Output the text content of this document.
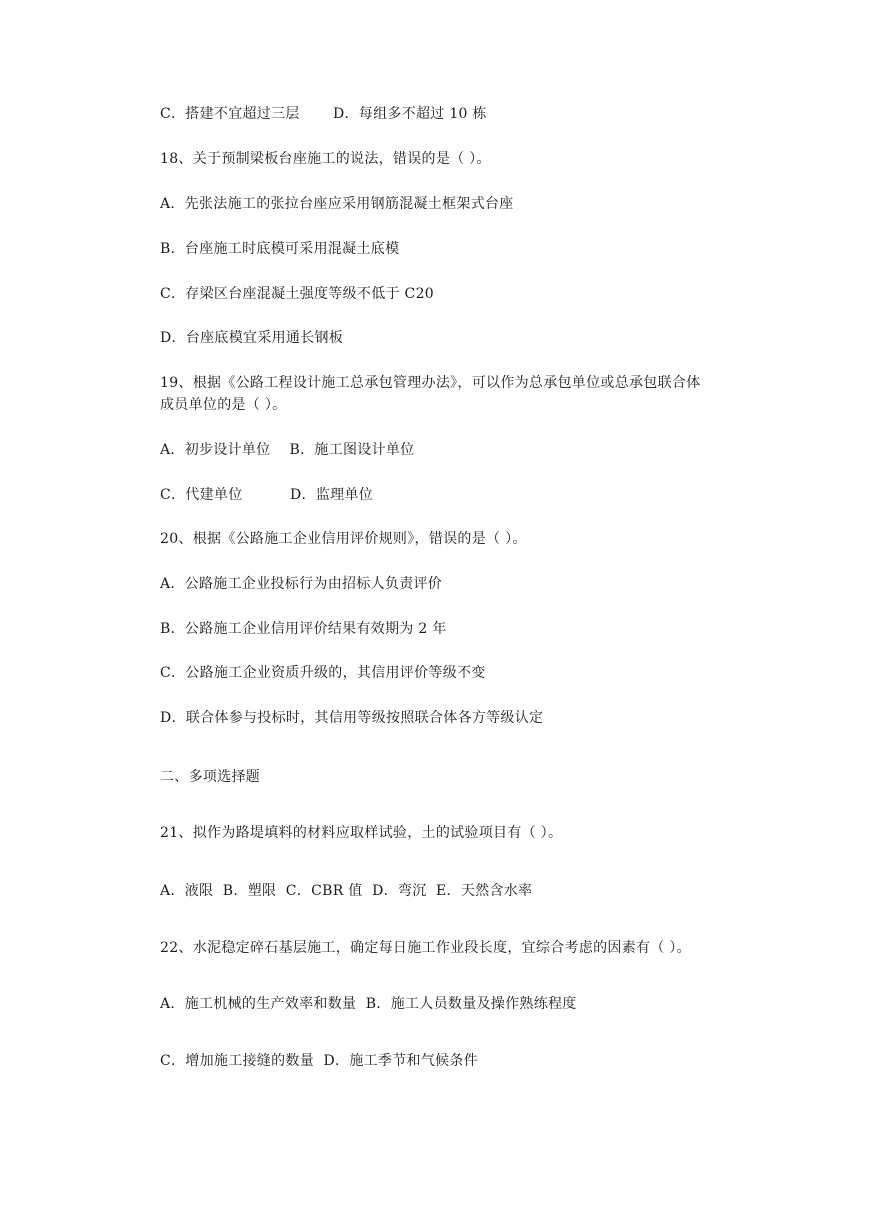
C．搭建不宜超过三层       D．每组多不超过 10 栋
18、关于预制梁板台座施工的说法，错误的是（ ）。
A．先张法施工的张拉台座应采用钢筋混凝土框架式台座
B．台座施工时底模可采用混凝土底模
C．存梁区台座混凝土强度等级不低于 C20
D．台座底模宜采用通长钢板
19、根据《公路工程设计施工总承包管理办法》，可以作为总承包单位或总承包联合体
成员单位的是（ ）。
A．初步设计单位    B．施工图设计单位
C．代建单位          D．监理单位
20、根据《公路施工企业信用评价规则》，错误的是（ ）。
A．公路施工企业投标行为由招标人负责评价
B．公路施工企业信用评价结果有效期为 2 年
C．公路施工企业资质升级的，其信用评价等级不变
D．联合体参与投标时，其信用等级按照联合体各方等级认定
二、多项选择题
21、拟作为路堤填料的材料应取样试验，土的试验项目有（ ）。
A．液限  B．塑限  C．CBR 值  D．弯沉  E．天然含水率
22、水泥稳定碎石基层施工，确定每日施工作业段长度，宜综合考虑的因素有（ ）。
A．施工机械的生产效率和数量  B．施工人员数量及操作熟练程度
C．增加施工接缝的数量  D．施工季节和气候条件
